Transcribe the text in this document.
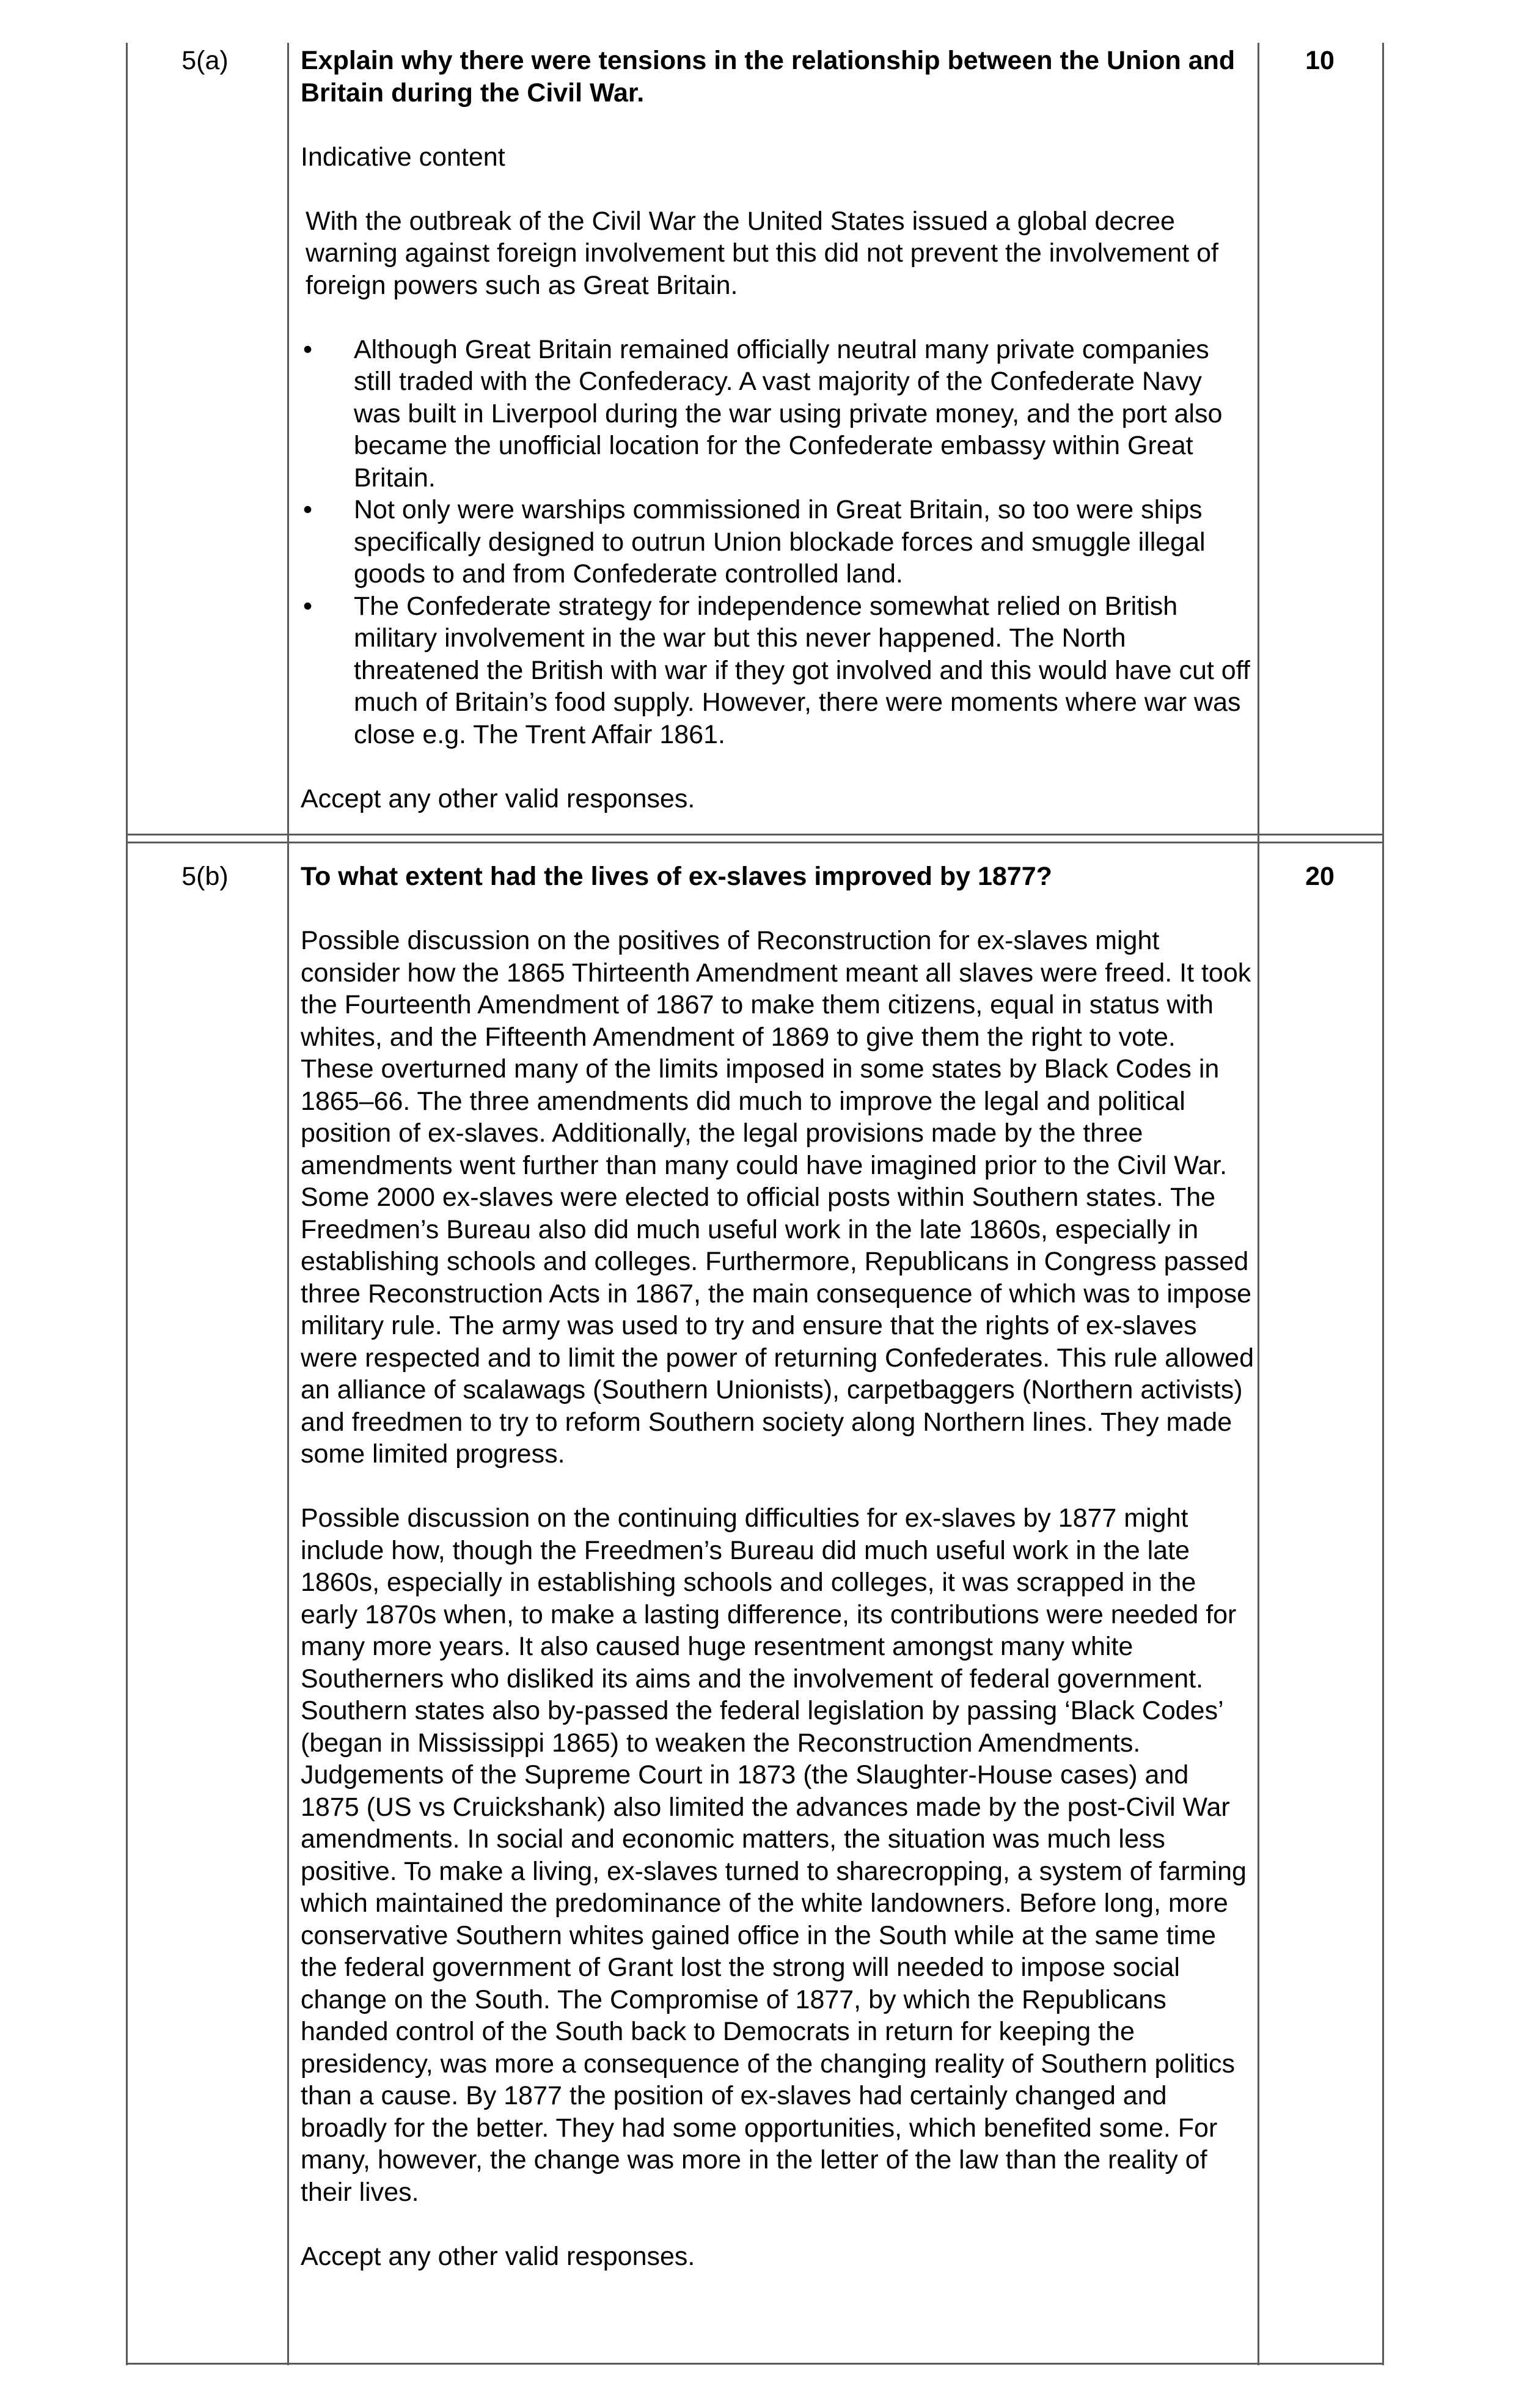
5(a)	10

Explain why there were tensions in the relationship between the Union and Britain during the Civil War.

Indicative content

With the outbreak of the Civil War the United States issued a global decree warning against foreign involvement but this did not prevent the involvement of foreign powers such as Great Britain.

• Although Great Britain remained officially neutral many private companies still traded with the Confederacy. A vast majority of the Confederate Navy was built in Liverpool during the war using private money, and the port also became the unofficial location for the Confederate embassy within Great Britain.
• Not only were warships commissioned in Great Britain, so too were ships specifically designed to outrun Union blockade forces and smuggle illegal goods to and from Confederate controlled land.
• The Confederate strategy for independence somewhat relied on British military involvement in the war but this never happened. The North threatened the British with war if they got involved and this would have cut off much of Britain’s food supply. However, there were moments where war was close e.g. The Trent Affair 1861.

Accept any other valid responses.

5(b)	20

To what extent had the lives of ex-slaves improved by 1877?

Possible discussion on the positives of Reconstruction for ex-slaves might consider how the 1865 Thirteenth Amendment meant all slaves were freed. It took the Fourteenth Amendment of 1867 to make them citizens, equal in status with whites, and the Fifteenth Amendment of 1869 to give them the right to vote. These overturned many of the limits imposed in some states by Black Codes in 1865–66. The three amendments did much to improve the legal and political position of ex-slaves. Additionally, the legal provisions made by the three amendments went further than many could have imagined prior to the Civil War. Some 2000 ex-slaves were elected to official posts within Southern states. The Freedmen’s Bureau also did much useful work in the late 1860s, especially in establishing schools and colleges. Furthermore, Republicans in Congress passed three Reconstruction Acts in 1867, the main consequence of which was to impose military rule. The army was used to try and ensure that the rights of ex-slaves were respected and to limit the power of returning Confederates. This rule allowed an alliance of scalawags (Southern Unionists), carpetbaggers (Northern activists) and freedmen to try to reform Southern society along Northern lines. They made some limited progress.

Possible discussion on the continuing difficulties for ex-slaves by 1877 might include how, though the Freedmen’s Bureau did much useful work in the late 1860s, especially in establishing schools and colleges, it was scrapped in the early 1870s when, to make a lasting difference, its contributions were needed for many more years. It also caused huge resentment amongst many white Southerners who disliked its aims and the involvement of federal government. Southern states also by-passed the federal legislation by passing ‘Black Codes’ (began in Mississippi 1865) to weaken the Reconstruction Amendments. Judgements of the Supreme Court in 1873 (the Slaughter-House cases) and 1875 (US vs Cruickshank) also limited the advances made by the post-Civil War amendments. In social and economic matters, the situation was much less positive. To make a living, ex-slaves turned to sharecropping, a system of farming which maintained the predominance of the white landowners. Before long, more conservative Southern whites gained office in the South while at the same time the federal government of Grant lost the strong will needed to impose social change on the South. The Compromise of 1877, by which the Republicans handed control of the South back to Democrats in return for keeping the presidency, was more a consequence of the changing reality of Southern politics than a cause. By 1877 the position of ex-slaves had certainly changed and broadly for the better. They had some opportunities, which benefited some. For many, however, the change was more in the letter of the law than the reality of their lives.

Accept any other valid responses.
